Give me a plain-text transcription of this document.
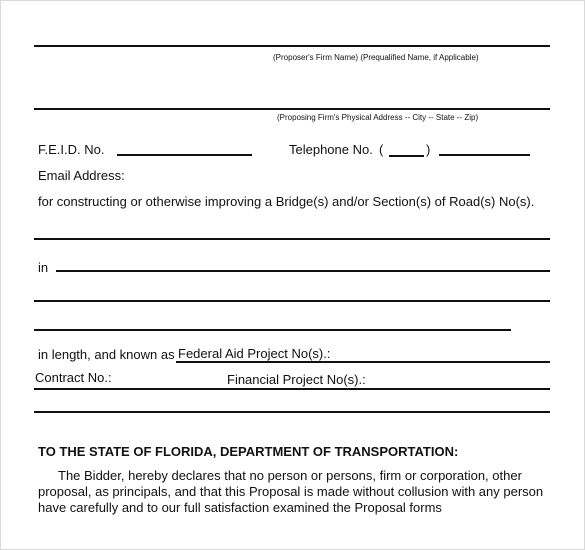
(Proposer's Firm Name) (Prequalified Name, if Applicable)
(Proposing Firm's Physical Address -- City -- State -- Zip)
F.E.I.D. No.	Telephone No. (	)
Email Address:
for constructing or otherwise improving a Bridge(s) and/or Section(s) of Road(s) No(s).
in
in length, and known as Federal Aid Project No(s).:
Contract No.:	Financial Project No(s).:
TO THE STATE OF FLORIDA, DEPARTMENT OF TRANSPORTATION:
The Bidder, hereby declares that no person or persons, firm or corporation, other
proposal, as principals, and that this Proposal is made without collusion with any person
have carefully and to our full satisfaction examined the Proposal forms
